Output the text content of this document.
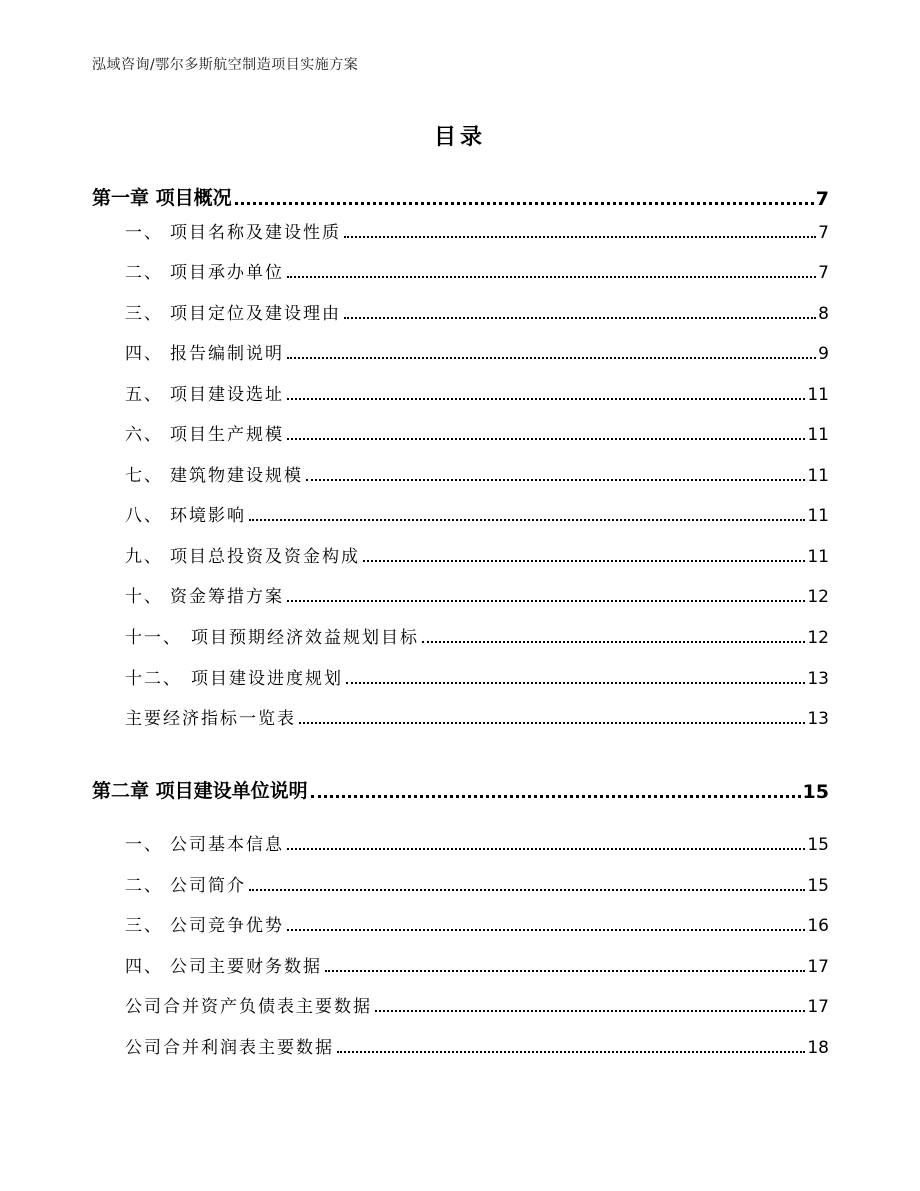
泓域咨询/鄂尔多斯航空制造项目实施方案
目录
第一章 项目概况	7
一、 项目名称及建设性质	7
二、 项目承办单位	7
三、 项目定位及建设理由	8
四、 报告编制说明	9
五、 项目建设选址	11
六、 项目生产规模	11
七、 建筑物建设规模	11
八、 环境影响	11
九、 项目总投资及资金构成	11
十、 资金筹措方案	12
十一、 项目预期经济效益规划目标	12
十二、 项目建设进度规划	13
主要经济指标一览表	13
第二章 项目建设单位说明	15
一、 公司基本信息	15
二、 公司简介	15
三、 公司竞争优势	16
四、 公司主要财务数据	17
公司合并资产负债表主要数据	17
公司合并利润表主要数据	18
